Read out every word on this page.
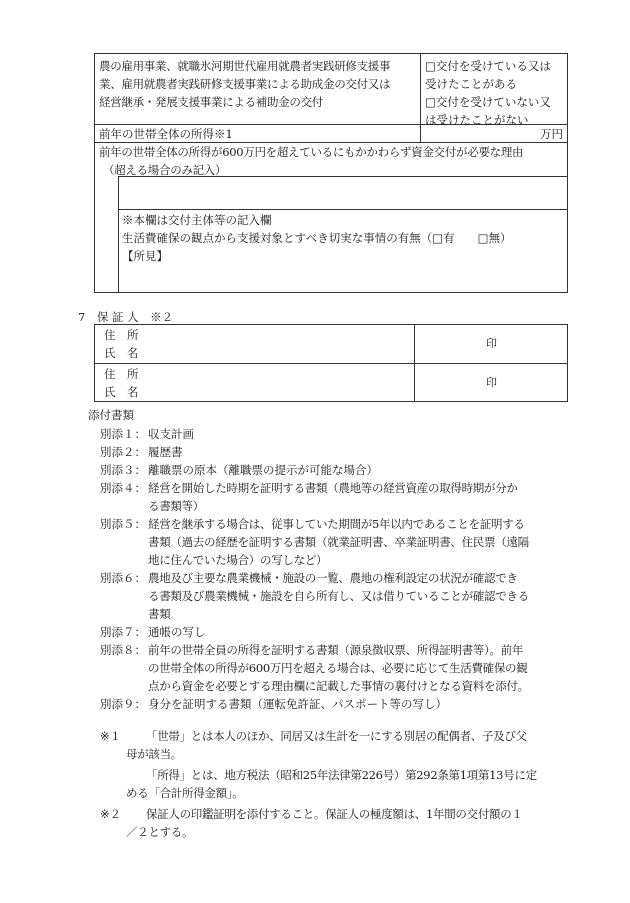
農の雇用事業、就職氷河期世代雇用就農者実践研修支援事
業、雇用就農者実践研修支援事業による助成金の交付又は
経営継承・発展支援事業による補助金の交付
□交付を受けている又は
受けたことがある
□交付を受けていない又
は受けたことがない
前年の世帯全体の所得※1	万円
前年の世帯全体の所得が600万円を超えているにもかかわらず資金交付が必要な理由
（超える場合のみ記入）
※本欄は交付主体等の記入欄
生活費確保の観点から支援対象とすべき切実な事情の有無（□有　　□無）
【所見】
7　保 証 人　※２
住　所
氏　名
印
住　所
氏　名
印
添付書類
別添１： 収支計画
別添２： 履歴書
別添３： 離職票の原本（離職票の提示が可能な場合）
別添４： 経営を開始した時期を証明する書類（農地等の経営資産の取得時期が分か
る書類等）
別添５： 経営を継承する場合は、従事していた期間が5年以内であることを証明する
書類（過去の経歴を証明する書類（就業証明書、卒業証明書、住民票（遠隔
地に住んでいた場合）の写しなど）
別添６： 農地及び主要な農業機械・施設の一覧、農地の権利設定の状況が確認でき
る書類及び農業機械・施設を自ら所有し、又は借りていることが確認できる
書類
別添７： 通帳の写し
別添８： 前年の世帯全員の所得を証明する書類（源泉徴収票、所得証明書等）。前年
の世帯全体の所得が600万円を超える場合は、必要に応じて生活費確保の観
点から資金を必要とする理由欄に記載した事情の裏付けとなる資料を添付。
別添９： 身分を証明する書類（運転免許証、パスポート等の写し）
※１ 「世帯」とは本人のほか、同居又は生計を一にする別居の配偶者、子及び父
母が該当。
「所得」とは、地方税法（昭和25年法律第226号）第292条第1項第13号に定
める「合計所得金額」。
※２ 保証人の印鑑証明を添付すること。保証人の極度額は、1年間の交付額の１
／２とする。
